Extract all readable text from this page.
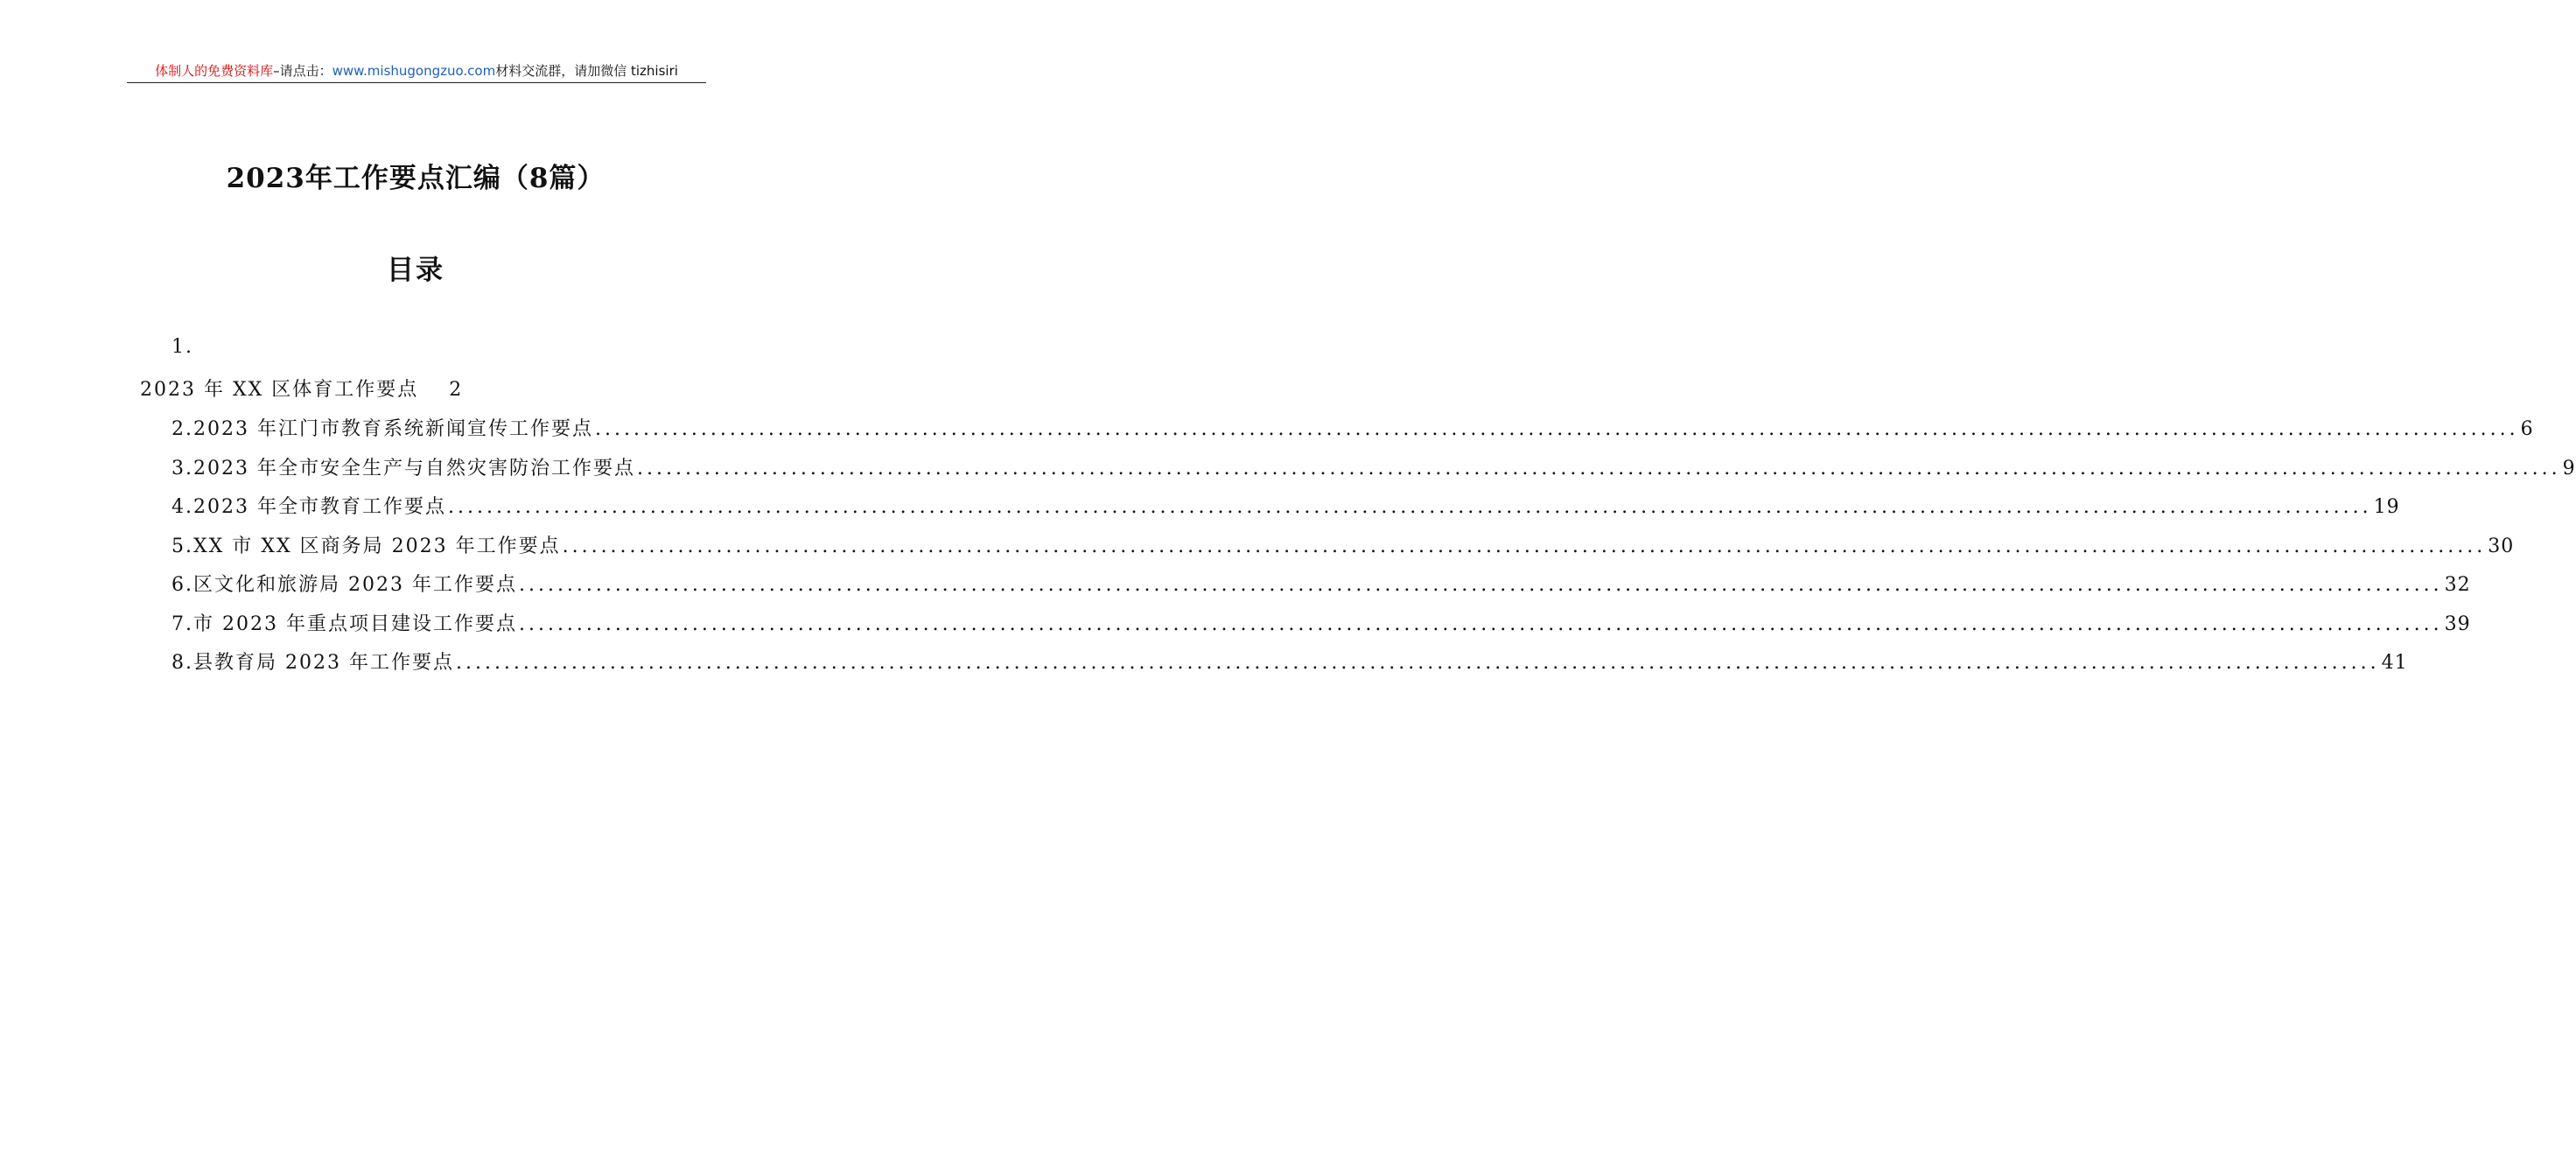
体制人的免费资料库–请点击：www.mishugongzuo.com材料交流群，请加微信 tizhisiri
2023年工作要点汇编（8篇）
目录
1.
2023 年 XX 区体育工作要点 2
2.2023 年江门市教育系统新闻宣传工作要点 ........................................................................................................................................................................................................ 6
3.2023 年全市安全生产与自然灾害防治工作要点 ........................................................................................................................................................................................................ 9
4.2023 年全市教育工作要点 ........................................................................................................................................................................................................ 19
5.XX 市 XX 区商务局 2023 年工作要点 ........................................................................................................................................................................................................ 30
6.区文化和旅游局 2023 年工作要点 ........................................................................................................................................................................................................ 32
7.市 2023 年重点项目建设工作要点 ........................................................................................................................................................................................................ 39
8.县教育局 2023 年工作要点 ........................................................................................................................................................................................................ 41
